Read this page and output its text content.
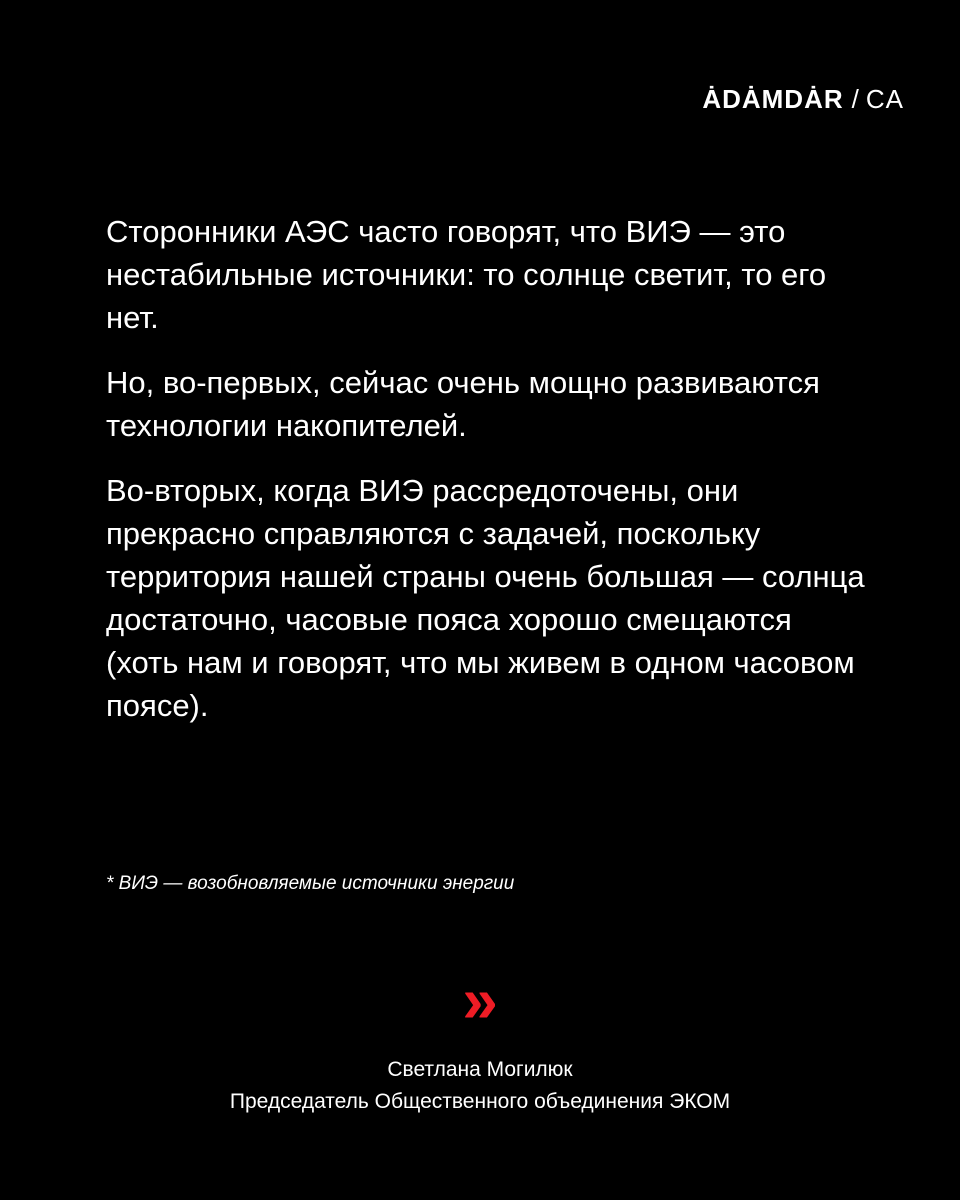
ȦDȦMDȦR / CA

Сторонники АЭС часто говорят, что ВИЭ — это нестабильные источники: то солнце светит, то его нет.

Но, во-первых, сейчас очень мощно развиваются технологии накопителей.

Во-вторых, когда ВИЭ рассредоточены, они прекрасно справляются с задачей, поскольку территория нашей страны очень большая — солнца достаточно, часовые пояса хорошо смещаются (хоть нам и говорят, что мы живем в одном часовом поясе).

* ВИЭ — возобновляемые источники энергии
»
Светлана Могилюк
Председатель Общественного объединения ЭКОМ
